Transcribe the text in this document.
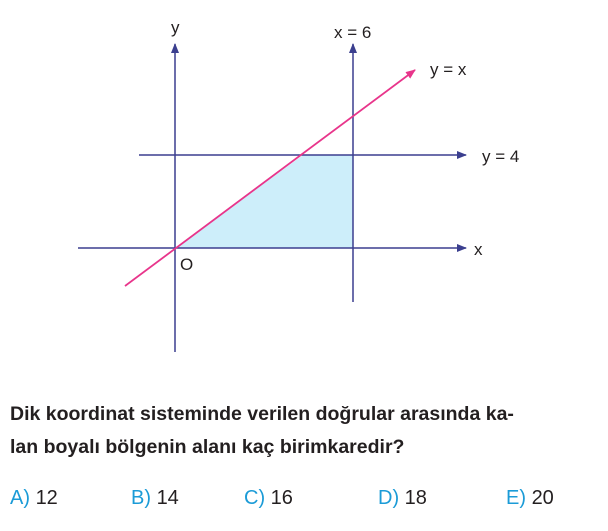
y
x
O
x = 6
y = 4
y = x

Dik koordinat sisteminde verilen doğrular arasında ka-
lan boyalı bölgenin alanı kaç birimkaredir?

A) 12	B) 14	C) 16	D) 18	E) 20
